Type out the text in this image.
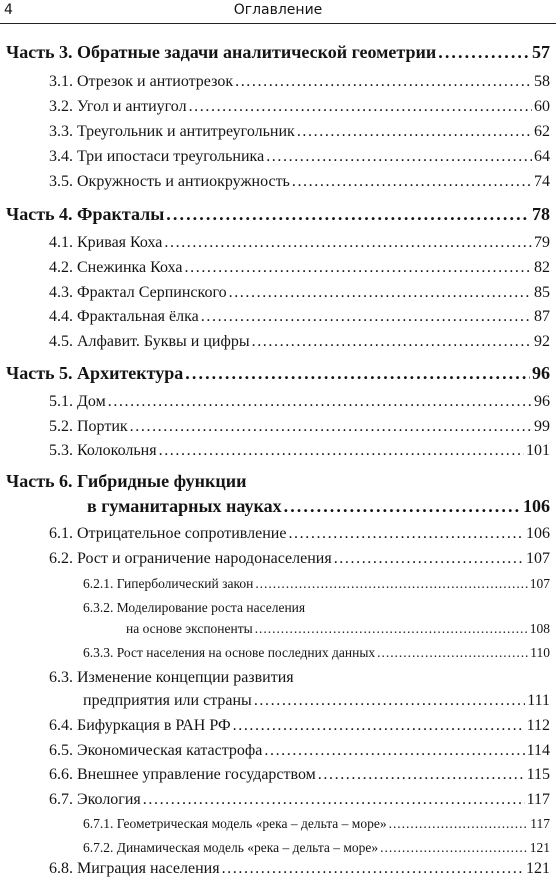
4	Оглавление
Часть 3. Обратные задачи аналитической геометрии . . .	57
3.1. Отрезок и антиотрезок . . .	58
3.2. Угол и антиугол . . .	60
3.3. Треугольник и антитреугольник . . .	62
3.4. Три ипостаси треугольника . . .	64
3.5. Окружность и антиокружность . . .	74
Часть 4. Фракталы . . .	78
4.1. Кривая Коха . . .	79
4.2. Снежинка Коха . . .	82
4.3. Фрактал Серпинского . . .	85
4.4. Фрактальная ёлка . . .	87
4.5. Алфавит. Буквы и цифры . . .	92
Часть 5. Архитектура . . .	96
5.1. Дом . . .	96
5.2. Портик . . .	99
5.3. Колокольня . . .	101
Часть 6. Гибридные функции
в гуманитарных науках . . .	106
6.1. Отрицательное сопротивление . . .	106
6.2. Рост и ограничение народонаселения . . .	107
6.2.1. Гиперболический закон . . .	107
6.3.2. Моделирование роста населения
на основе экспоненты . . .	108
6.3.3. Рост населения на основе последних данных . . .	110
6.3. Изменение концепции развития
предприятия или страны . . .	111
6.4. Бифуркация в РАН РФ . . .	112
6.5. Экономическая катастрофа . . .	114
6.6. Внешнее управление государством . . .	115
6.7. Экология . . .	117
6.7.1. Геометрическая модель «река – дельта – море» . . .	117
6.7.2. Динамическая модель «река – дельта – море» . . .	121
6.8. Миграция населения . . .	121
